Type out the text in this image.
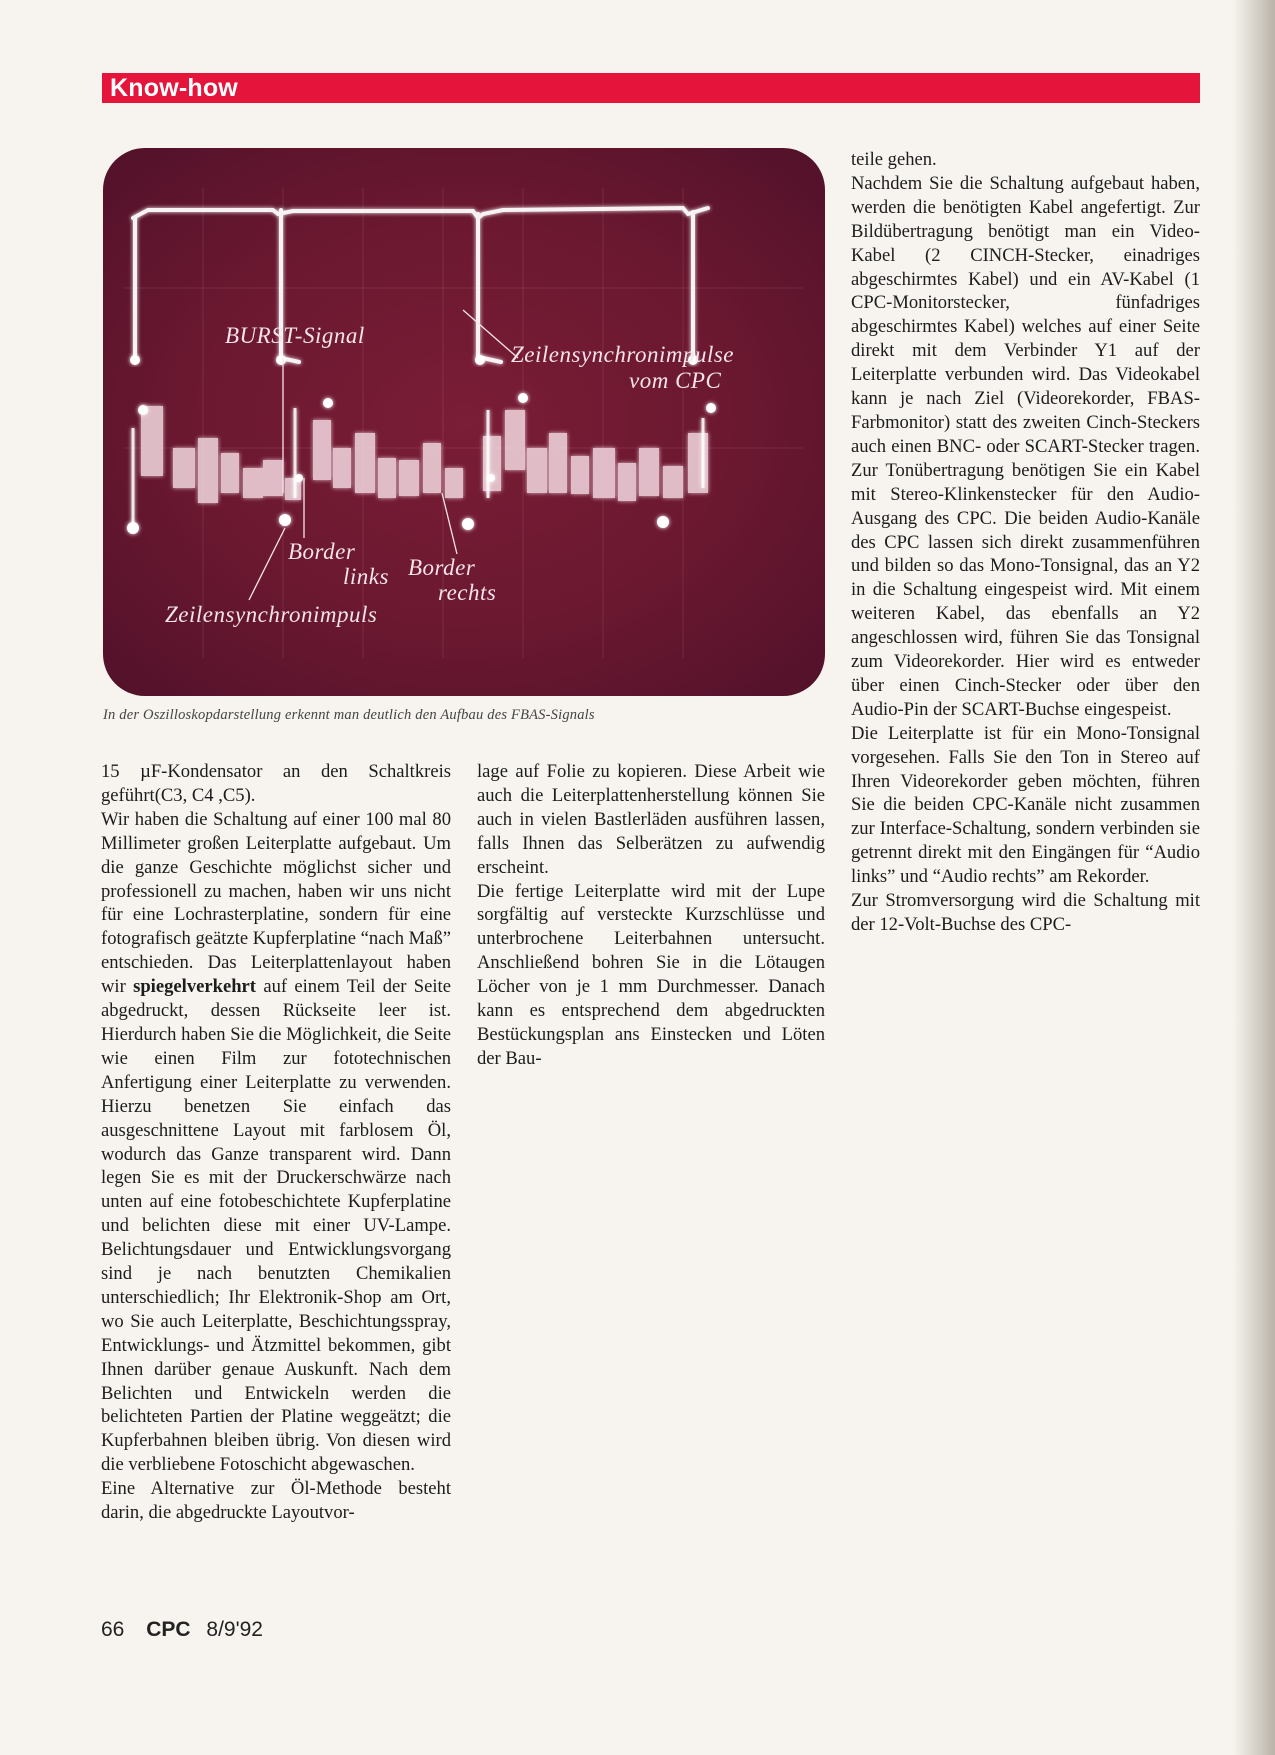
Know-how
BURST-Signal
Zeilensynchronimpulse
vom CPC
Border
links Border
rechts
Zeilensynchronimpuls
In der Oszilloskopdarstellung erkennt man deutlich den Aufbau des FBAS-Signals

15 µF-Kondensator an den Schaltkreis geführt(C3, C4 ,C5).

Wir haben die Schaltung auf einer 100 mal 80 Millimeter großen Leiterplatte aufgebaut. Um die ganze Geschichte möglichst sicher und professionell zu machen, haben wir uns nicht für eine Lochrasterplatine, sondern für eine fotografisch geätzte Kupferplatine “nach Maß” entschieden. Das Leiterplattenlayout haben wir spiegelverkehrt auf einem Teil der Seite abgedruckt, dessen Rückseite leer ist. Hierdurch haben Sie die Möglichkeit, die Seite wie einen Film zur fototechnischen Anfertigung einer Leiterplatte zu verwenden. Hierzu benetzen Sie einfach das ausgeschnittene Layout mit farblosem Öl, wodurch das Ganze transparent wird. Dann legen Sie es mit der Druckerschwärze nach unten auf eine fotobeschichtete Kupferplatine und belichten diese mit einer UV-Lampe. Belichtungsdauer und Entwicklungsvorgang sind je nach benutzten Chemikalien unterschiedlich; Ihr Elektronik-Shop am Ort, wo Sie auch Leiterplatte, Beschichtungsspray, Entwicklungs- und Ätzmittel bekommen, gibt Ihnen darüber genaue Auskunft. Nach dem Belichten und Entwickeln werden die belichteten Partien der Platine weggeätzt; die Kupferbahnen bleiben übrig. Von diesen wird die verbliebene Fotoschicht abgewaschen.

Eine Alternative zur Öl-Methode besteht darin, die abgedruckte Layoutvor-

lage auf Folie zu kopieren. Diese Arbeit wie auch die Leiterplattenherstellung können Sie auch in vielen Bastlerläden ausführen lassen, falls Ihnen das Selberätzen zu aufwendig erscheint.

Die fertige Leiterplatte wird mit der Lupe sorgfältig auf versteckte Kurzschlüsse und unterbrochene Leiterbahnen untersucht. Anschließend bohren Sie in die Lötaugen Löcher von je 1 mm Durchmesser. Danach kann es entsprechend dem abgedruckten Bestückungsplan ans Einstecken und Löten der Bau-

teile gehen.

Nachdem Sie die Schaltung aufgebaut haben, werden die benötigten Kabel angefertigt. Zur Bildübertragung benötigt man ein Video-Kabel (2 CINCH-Stecker, einadriges abgeschirmtes Kabel) und ein AV-Kabel (1 CPC-Monitorstecker, fünfadriges abgeschirmtes Kabel) welches auf einer Seite direkt mit dem Verbinder Y1 auf der Leiterplatte verbunden wird. Das Videokabel kann je nach Ziel (Videorekorder, FBAS-Farbmonitor) statt des zweiten Cinch-Steckers auch einen BNC- oder SCART-Stecker tragen. Zur Tonübertragung benötigen Sie ein Kabel mit Stereo-Klinkenstecker für den Audio-Ausgang des CPC. Die beiden Audio-Kanäle des CPC lassen sich direkt zusammenführen und bilden so das Mono-Tonsignal, das an Y2 in die Schaltung eingespeist wird. Mit einem weiteren Kabel, das ebenfalls an Y2 angeschlossen wird, führen Sie das Tonsignal zum Videorekorder. Hier wird es entweder über einen Cinch-Stecker oder über den Audio-Pin der SCART-Buchse eingespeist.

Die Leiterplatte ist für ein Mono-Tonsignal vorgesehen. Falls Sie den Ton in Stereo auf Ihren Videorekorder geben möchten, führen Sie die beiden CPC-Kanäle nicht zusammen zur Interface-Schaltung, sondern verbinden sie getrennt direkt mit den Eingängen für “Audio links” und “Audio rechts” am Rekorder.

Zur Stromversorgung wird die Schaltung mit der 12-Volt-Buchse des CPC-

66 CPC 8/9'92
